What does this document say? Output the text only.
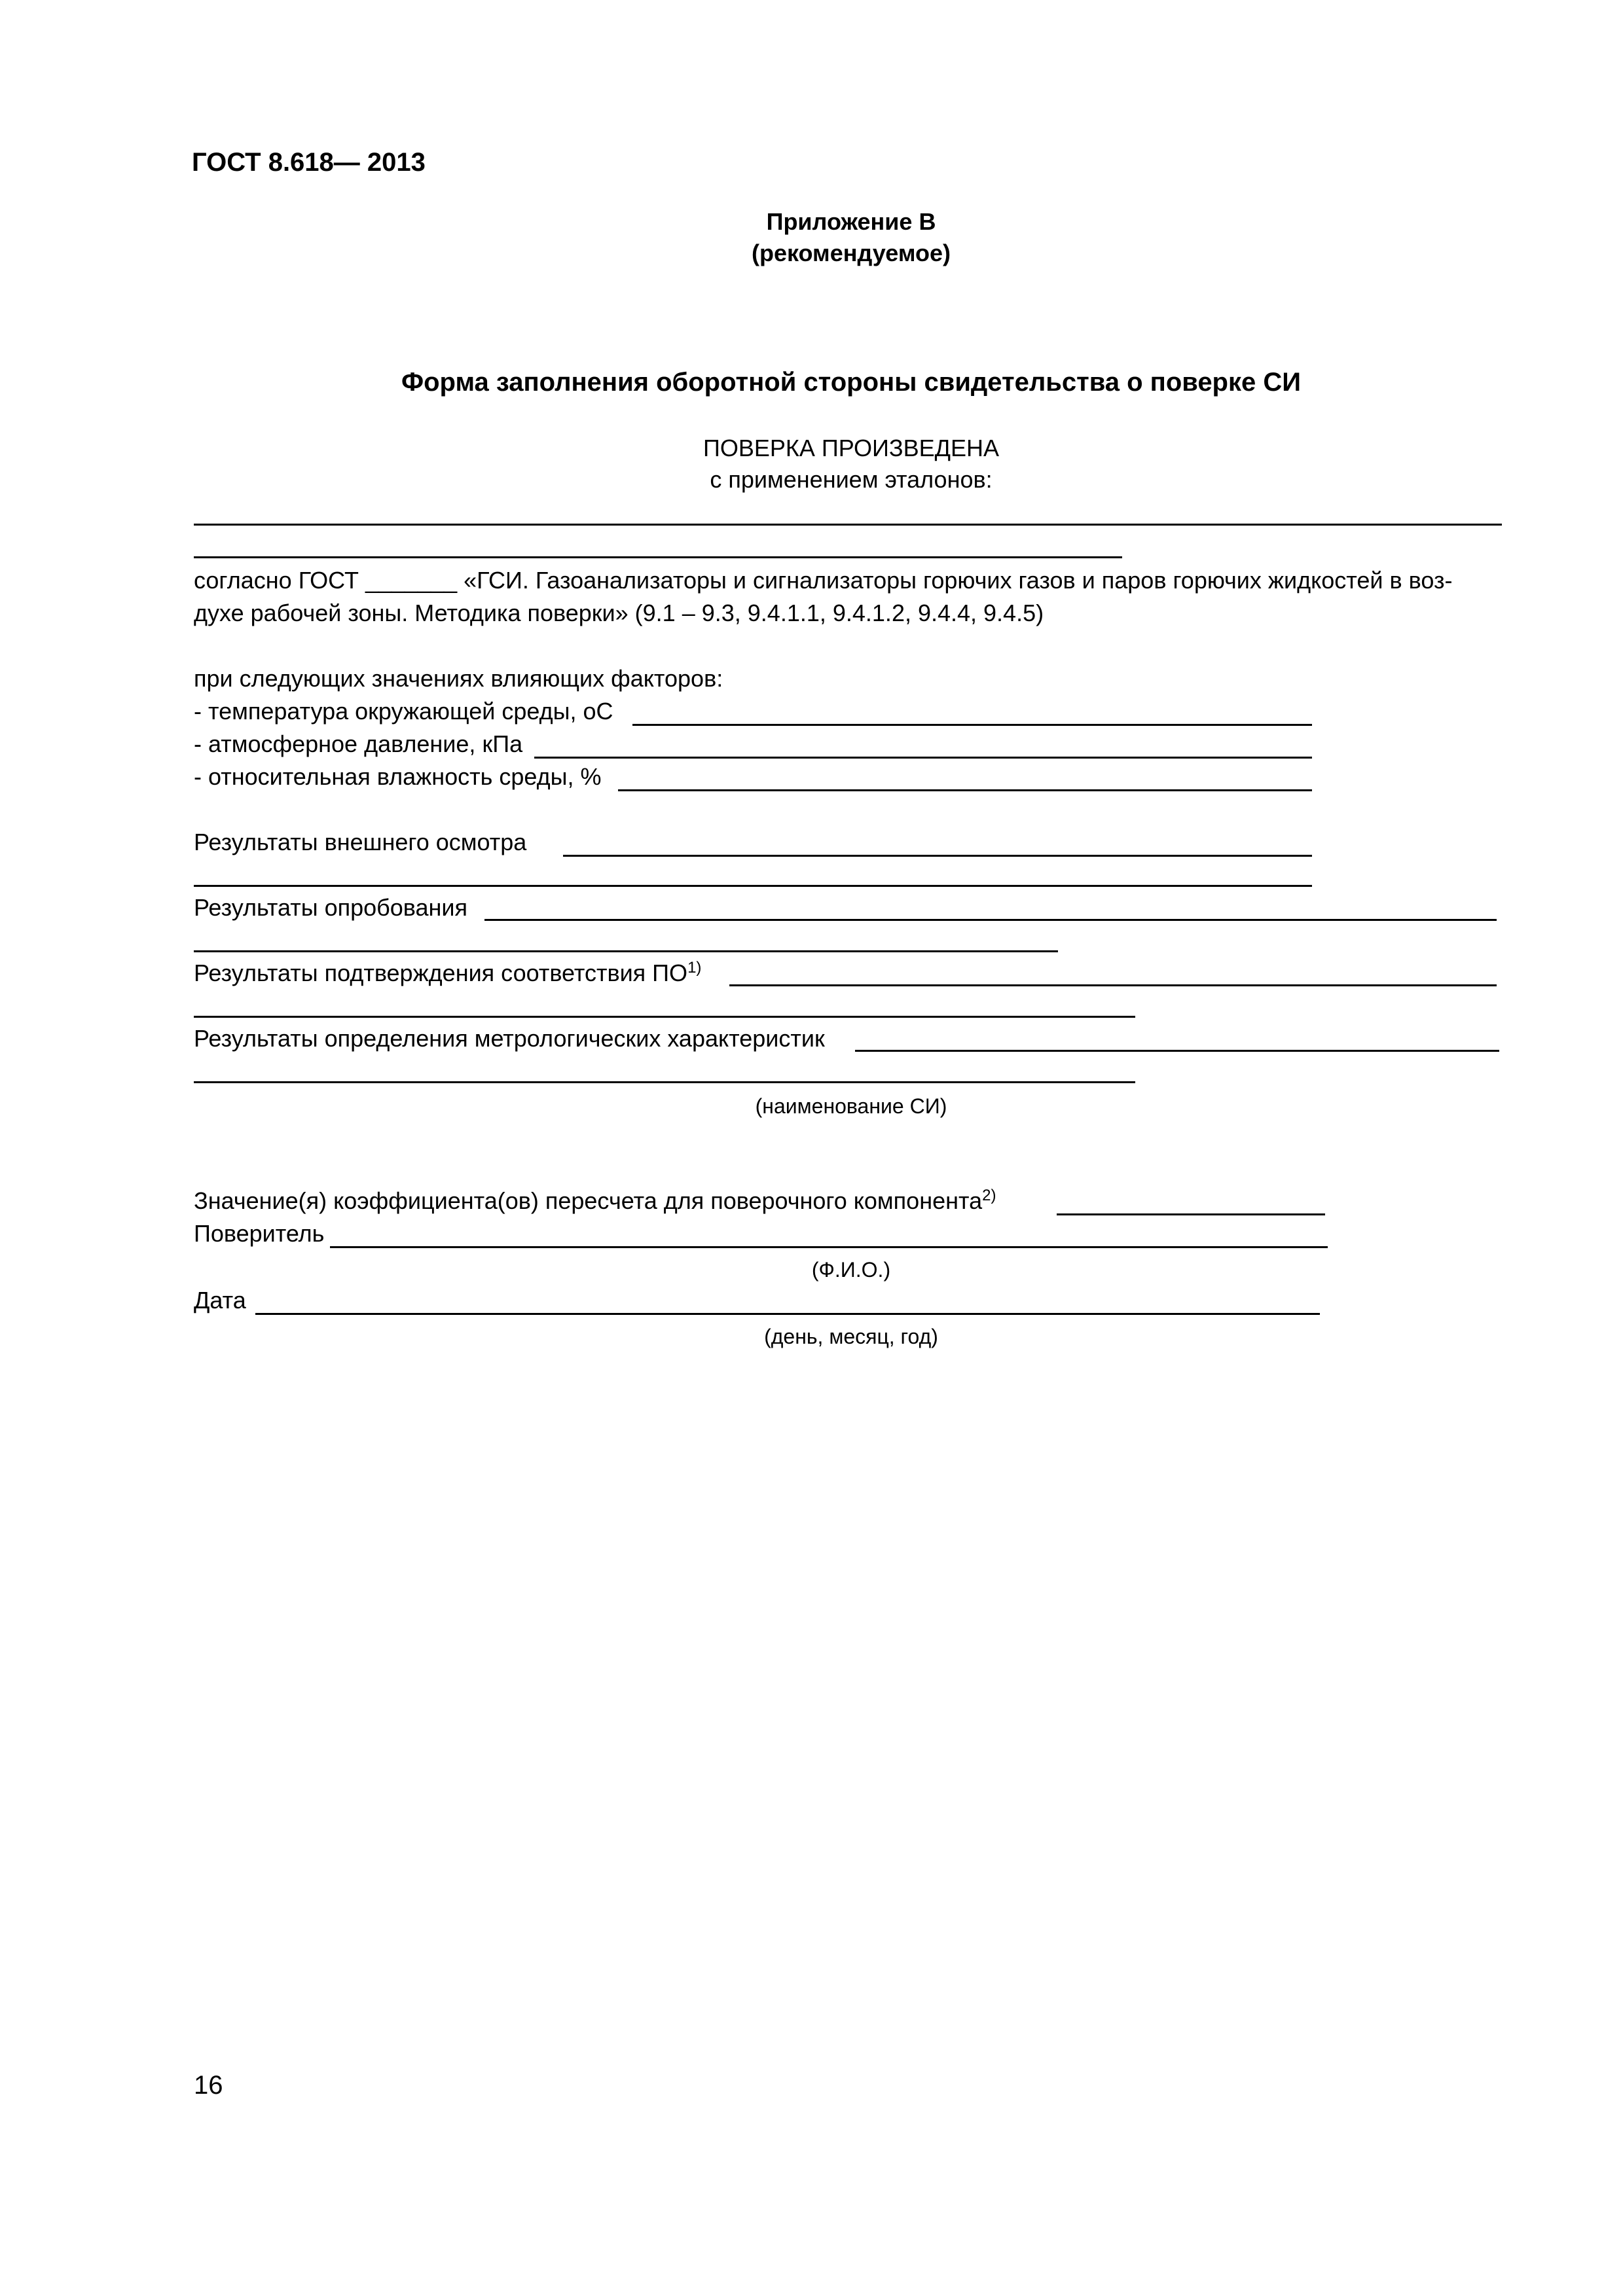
ГОСТ 8.618— 2013
Приложение В
(рекомендуемое)
Форма заполнения оборотной стороны свидетельства о поверке СИ
ПОВЕРКА ПРОИЗВЕДЕНА
с применением эталонов:
согласно ГОСТ _______ «ГСИ. Газоанализаторы и сигнализаторы горючих газов и паров горючих жидкостей в воз-
духе рабочей зоны. Методика поверки» (9.1 – 9.3, 9.4.1.1, 9.4.1.2, 9.4.4, 9.4.5)
при следующих значениях влияющих факторов:
- температура окружающей среды, оС
- атмосферное давление, кПа
- относительная влажность среды, %
Результаты внешнего осмотра
Результаты опробования
Результаты подтверждения соответствия ПО$^{1)}$
Результаты определения метрологических характеристик
(наименование СИ)
Значение(я) коэффициента(ов) пересчета для поверочного компонента$^{2)}$
Поверитель
(Ф.И.О.)
Дата
(день, месяц, год)
16
